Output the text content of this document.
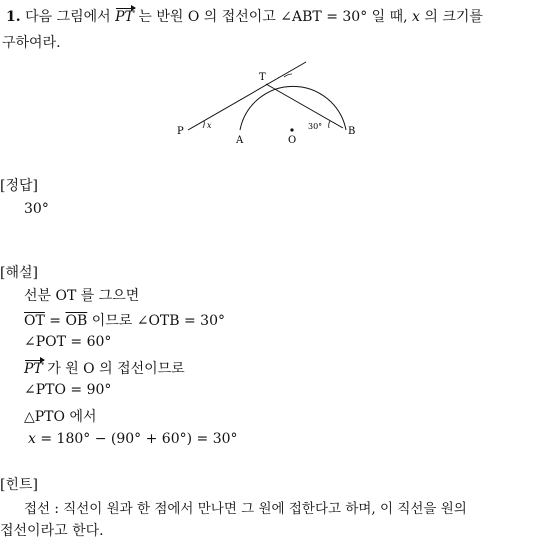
1. 다음 그림에서 PT 는 반원 O 의 접선이고 ∠ABT = 30° 일 때, x 의 크기를
구하여라.
P
T
A	O
B
x	30°
[정답]
30°
[해설]
선분 OT 를 그으면
$\overline{OT} = \overline{OB}$ 이므로 ∠OTB = 30°
∠POT = 60°
PT 가 원 O 의 접선이므로
∠PTO = 90°
△PTO 에서
x = 180° − (90° + 60°) = 30°
[힌트]
접선 : 직선이 원과 한 점에서 만나면 그 원에 접한다고 하며, 이 직선을 원의
접선이라고 한다.
